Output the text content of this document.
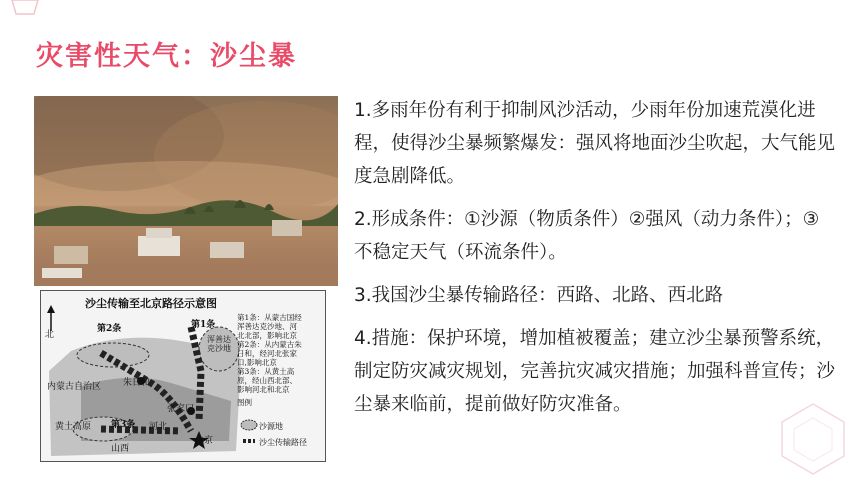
灾害性天气：沙尘暴
沙尘传输至北京路径示意图
北
第2条	第1条
浑善达克沙地
内蒙古自治区 朱日和
张家口
黄土高原 第3条 河北
山西
北京
第1条：从蒙古国经
浑善达克沙地、河
北北部，影响北京
第2条：从内蒙古朱
日和，经河北张家
口,影响北京
第3条：从黄土高
原，经山西北部、
影响河北和北京
图例
沙源地
沙尘传输路径

1.多雨年份有利于抑制风沙活动，少雨年份加速荒漠化进程，使得沙尘暴频繁爆发：强风将地面沙尘吹起，大气能见度急剧降低。

2.形成条件：①沙源（物质条件）②强风（动力条件）；③不稳定天气（环流条件）。

3.我国沙尘暴传输路径：西路、北路、西北路

4.措施：保护环境，增加植被覆盖；建立沙尘暴预警系统，制定防灾减灾规划，完善抗灾减灾措施；加强科普宣传；沙尘暴来临前，提前做好防灾准备。
